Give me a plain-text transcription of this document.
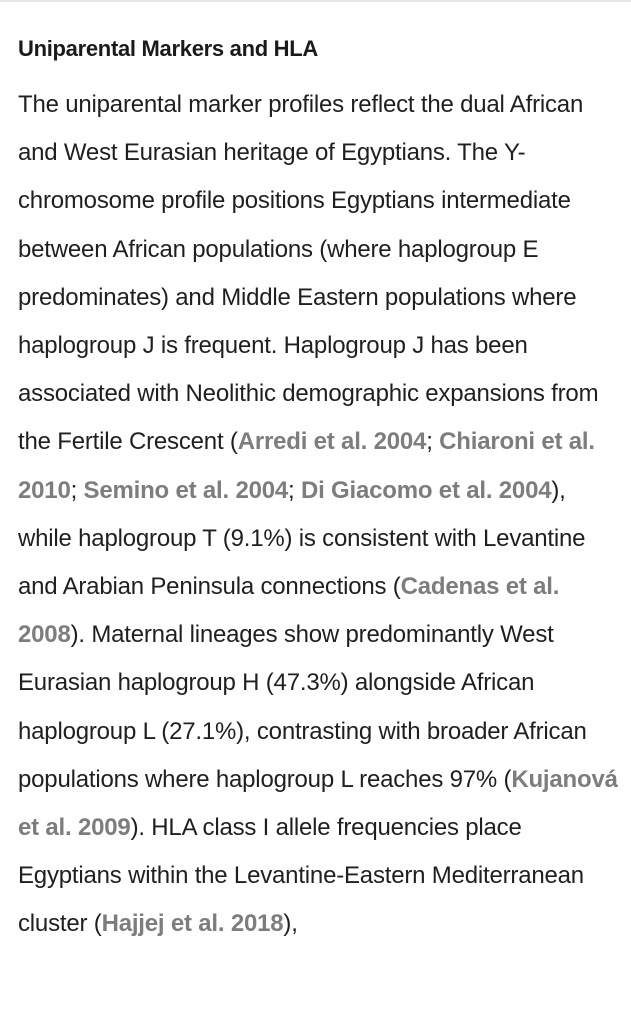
Uniparental Markers and HLA

The uniparental marker profiles reflect the dual African and West Eurasian heritage of Egyptians. The Y-chromosome profile positions Egyptians intermediate between African populations (where haplogroup E predominates) and Middle Eastern populations where haplogroup J is frequent. Haplogroup J has been associated with Neolithic demographic expansions from the Fertile Crescent (Arredi et al. 2004; Chiaroni et al. 2010; Semino et al. 2004; Di Giacomo et al. 2004), while haplogroup T (9.1%) is consistent with Levantine and Arabian Peninsula connections (Cadenas et al. 2008). Maternal lineages show predominantly West Eurasian haplogroup H (47.3%) alongside African haplogroup L (27.1%), contrasting with broader African populations where haplogroup L reaches 97% (Kujanová et al. 2009). HLA class I allele frequencies place Egyptians within the Levantine-Eastern Mediterranean cluster (Hajjej et al. 2018),
